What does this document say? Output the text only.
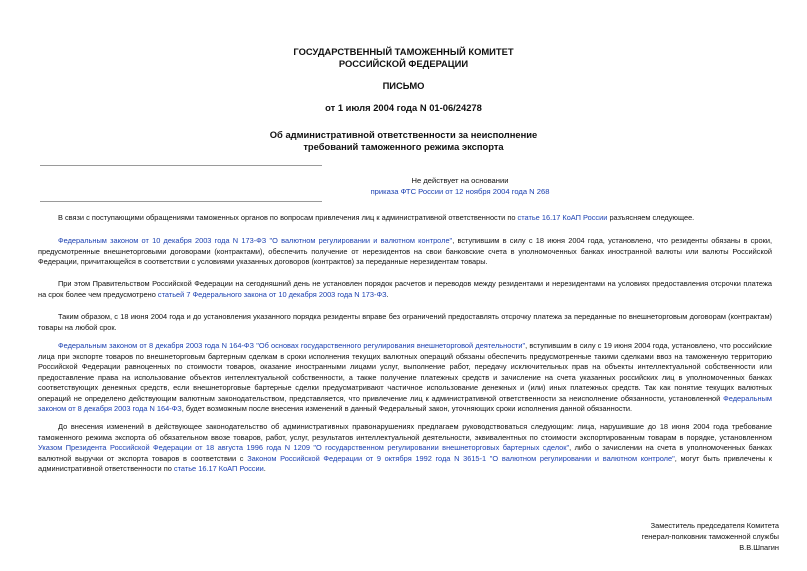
ГОСУДАРСТВЕННЫЙ ТАМОЖЕННЫЙ КОМИТЕТ
РОССИЙСКОЙ ФЕДЕРАЦИИ
ПИСЬМО
от 1 июля 2004 года N 01-06/24278
Об административной ответственности за неисполнение
требований таможенного режима экспорта
Не действует на основании
приказа ФТС России от 12 ноября 2004 года N 268
В связи с поступающими обращениями таможенных органов по вопросам привлечения лиц к административной ответственности по статье 16.17 КоАП России разъясняем следующее.
Федеральным законом от 10 декабря 2003 года N 173-ФЗ "О валютном регулировании и валютном контроле", вступившим в силу с 18 июня 2004 года, установлено, что резиденты обязаны в сроки, предусмотренные внешнеторговыми договорами (контрактами), обеспечить получение от нерезидентов на свои банковские счета в уполномоченных банках иностранной валюты или валюты Российской Федерации, причитающейся в соответствии с условиями указанных договоров (контрактов) за переданные нерезидентам товары.
При этом Правительством Российской Федерации на сегодняшний день не установлен порядок расчетов и переводов между резидентами и нерезидентами на условиях предоставления отсрочки платежа на срок более чем предусмотрено статьей 7 Федерального закона от 10 декабря 2003 года N 173-ФЗ.
Таким образом, с 18 июня 2004 года и до установления указанного порядка резиденты вправе без ограничений предоставлять отсрочку платежа за переданные по внешнеторговым договорам (контрактам) товары на любой срок.
Федеральным законом от 8 декабря 2003 года N 164-ФЗ "Об основах государственного регулирования внешнеторговой деятельности", вступившим в силу с 19 июня 2004 года, установлено, что российские лица при экспорте товаров по внешнеторговым бартерным сделкам в сроки исполнения текущих валютных операций обязаны обеспечить предусмотренные такими сделками ввоз на таможенную территорию Российской Федерации равноценных по стоимости товаров, оказание иностранными лицами услуг, выполнение работ, передачу исключительных прав на объекты интеллектуальной собственности или предоставление права на использование объектов интеллектуальной собственности, а также получение платежных средств и зачисление на счета указанных российских лиц в уполномоченных банках соответствующих денежных средств, если внешнеторговые бартерные сделки предусматривают частичное использование денежных и (или) иных платежных средств. Так как понятие текущих валютных операций не определено действующим валютным законодательством, представляется, что привлечение лиц к административной ответственности за неисполнение обязанности, установленной Федеральным законом от 8 декабря 2003 года N 164-ФЗ, будет возможным после внесения изменений в данный Федеральный закон, уточняющих сроки исполнения данной обязанности.
До внесения изменений в действующее законодательство об административных правонарушениях предлагаем руководствоваться следующим: лица, нарушившие до 18 июня 2004 года требование таможенного режима экспорта об обязательном ввозе товаров, работ, услуг, результатов интеллектуальной деятельности, эквивалентных по стоимости экспортированным товарам в порядке, установленном Указом Президента Российской Федерации от 18 августа 1996 года N 1209 "О государственном регулировании внешнеторговых бартерных сделок", либо о зачислении на счета в уполномоченных банках валютной выручки от экспорта товаров в соответствии с Законом Российской Федерации от 9 октября 1992 года N 3615-1 "О валютном регулировании и валютном контроле", могут быть привлечены к административной ответственности по статье 16.17 КоАП России.
Заместитель председателя Комитета
генерал-полковник таможенной службы
В.В.Шпагин
